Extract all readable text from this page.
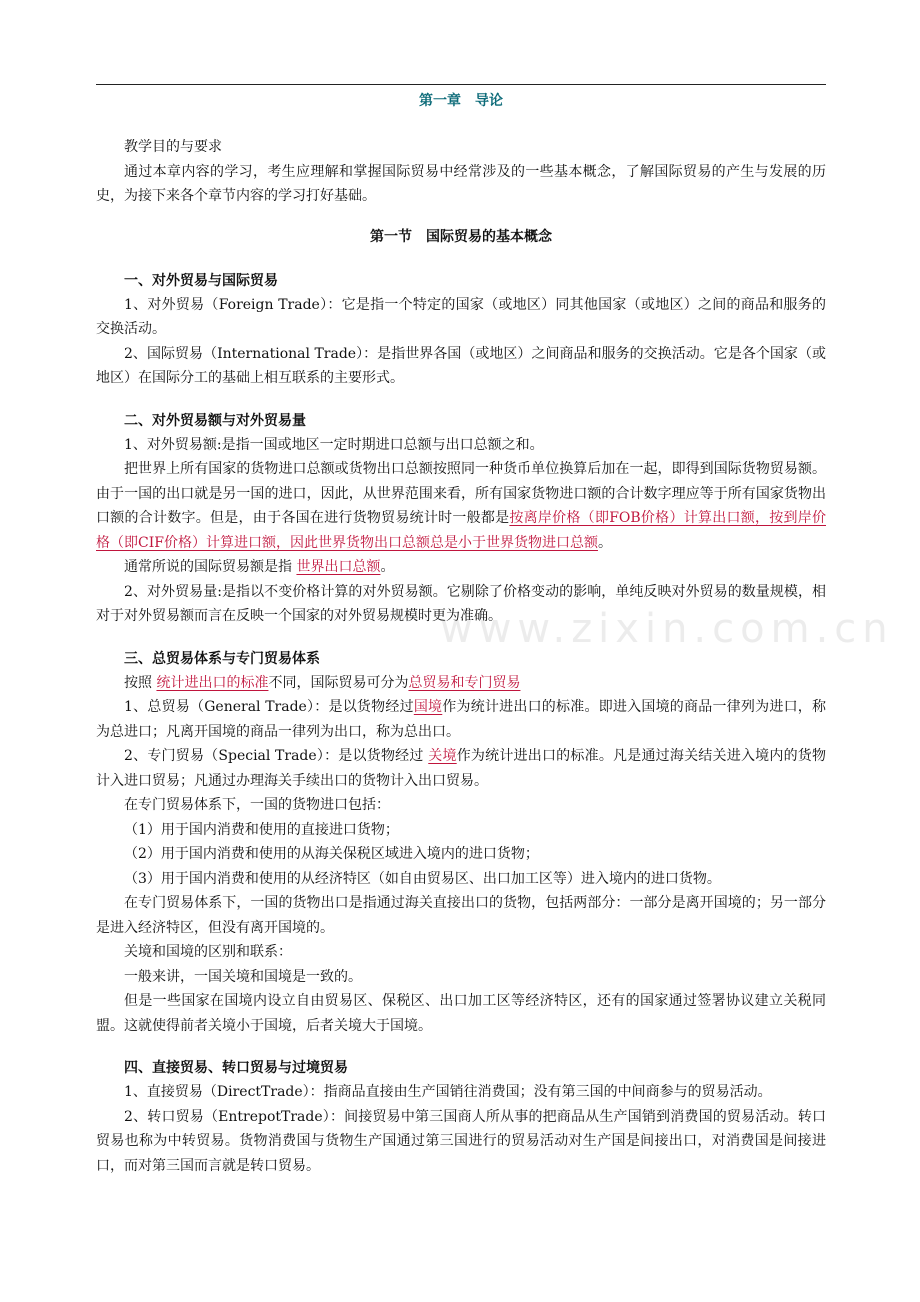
第一章　导论

教学目的与要求

通过本章内容的学习，考生应理解和掌握国际贸易中经常涉及的一些基本概念，了解国际贸易的产生与发展的历史，为接下来各个章节内容的学习打好基础。

第一节　国际贸易的基本概念
一、对外贸易与国际贸易

1、对外贸易（Foreign Trade）：它是指一个特定的国家（或地区）同其他国家（或地区）之间的商品和服务的交换活动。

2、国际贸易（International Trade）：是指世界各国（或地区）之间商品和服务的交换活动。它是各个国家（或地区）在国际分工的基础上相互联系的主要形式。

二、对外贸易额与对外贸易量

1、对外贸易额:是指一国或地区一定时期进口总额与出口总额之和。

把世界上所有国家的货物进口总额或货物出口总额按照同一种货币单位换算后加在一起，即得到国际货物贸易额。由于一国的出口就是另一国的进口，因此，从世界范围来看，所有国家货物进口额的合计数字理应等于所有国家货物出口额的合计数字。但是，由于各国在进行货物贸易统计时一般都是按离岸价格（即FOB价格）计算出口额，按到岸价格（即CIF价格）计算进口额，因此世界货物出口总额总是小于世界货物进口总额。

通常所说的国际贸易额是指 世界出口总额。

2、对外贸易量:是指以不变价格计算的对外贸易额。它剔除了价格变动的影响，单纯反映对外贸易的数量规模，相对于对外贸易额而言在反映一个国家的对外贸易规模时更为准确。

三、总贸易体系与专门贸易体系

按照 统计进出口的标准不同，国际贸易可分为总贸易和专门贸易

1、总贸易（General Trade）：是以货物经过国境作为统计进出口的标准。即进入国境的商品一律列为进口，称为总进口；凡离开国境的商品一律列为出口，称为总出口。

2、专门贸易（Special Trade）：是以货物经过 关境作为统计进出口的标准。凡是通过海关结关进入境内的货物计入进口贸易；凡通过办理海关手续出口的货物计入出口贸易。

在专门贸易体系下，一国的货物进口包括：

（1）用于国内消费和使用的直接进口货物；

（2）用于国内消费和使用的从海关保税区域进入境内的进口货物；

（3）用于国内消费和使用的从经济特区（如自由贸易区、出口加工区等）进入境内的进口货物。

在专门贸易体系下，一国的货物出口是指通过海关直接出口的货物，包括两部分：一部分是离开国境的；另一部分是进入经济特区，但没有离开国境的。

关境和国境的区别和联系：

一般来讲，一国关境和国境是一致的。

但是一些国家在国境内设立自由贸易区、保税区、出口加工区等经济特区，还有的国家通过签署协议建立关税同盟。这就使得前者关境小于国境，后者关境大于国境。

四、直接贸易、转口贸易与过境贸易

1、直接贸易（DirectTrade）：指商品直接由生产国销往消费国；没有第三国的中间商参与的贸易活动。

2、转口贸易（EntrepotTrade）：间接贸易中第三国商人所从事的把商品从生产国销到消费国的贸易活动。转口贸易也称为中转贸易。货物消费国与货物生产国通过第三国进行的贸易活动对生产国是间接出口，对消费国是间接进口，而对第三国而言就是转口贸易。

www.zixin.com.cn
